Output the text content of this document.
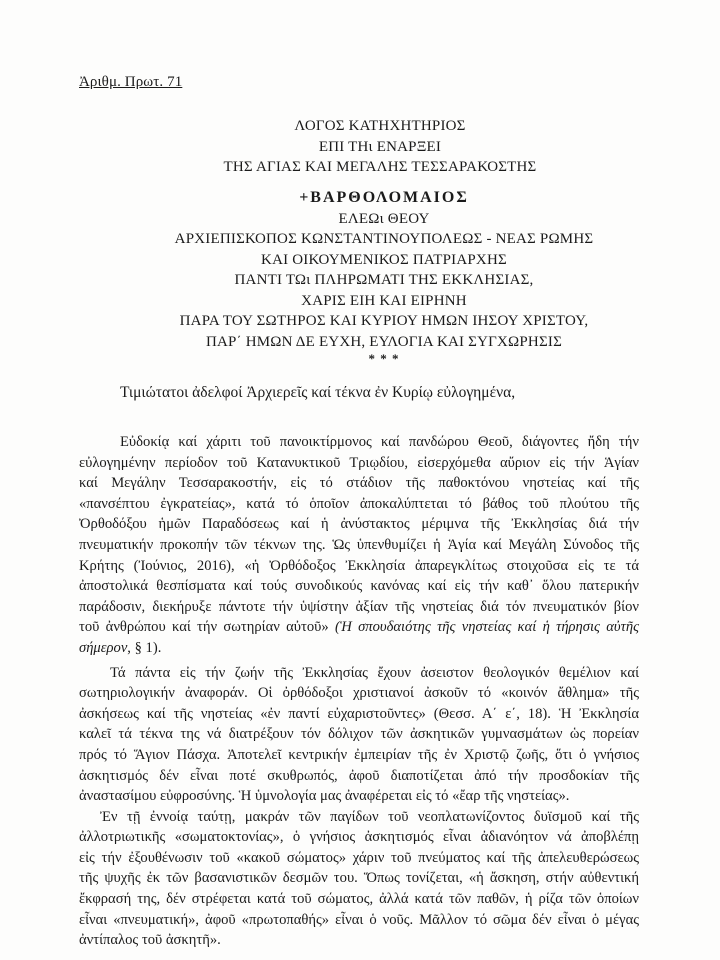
Ἀριθμ. Πρωτ. 71
ΛΟΓΟΣ ΚΑΤΗΧΗΤΗΡΙΟΣ
ΕΠΙ ΤΗι ΕΝΑΡΞΕΙ
ΤΗΣ ΑΓΙΑΣ ΚΑΙ ΜΕΓΑΛΗΣ ΤΕΣΣΑΡΑΚΟΣΤΗΣ
+ΒΑΡΘΟΛΟΜΑΙΟΣ
ΕΛΕΩι ΘΕΟΥ
ΑΡΧΙΕΠΙΣΚΟΠΟΣ ΚΩΝΣΤΑΝΤΙΝΟΥΠΟΛΕΩΣ - ΝΕΑΣ ΡΩΜΗΣ
ΚΑΙ ΟΙΚΟΥΜΕΝΙΚΟΣ ΠΑΤΡΙΑΡΧΗΣ
ΠΑΝΤΙ ΤΩι ΠΛΗΡΩΜΑΤΙ ΤΗΣ ΕΚΚΛΗΣΙΑΣ,
ΧΑΡΙΣ ΕΙΗ ΚΑΙ ΕΙΡΗΝΗ
ΠΑΡΑ ΤΟΥ ΣΩΤΗΡΟΣ ΚΑΙ ΚΥΡΙΟΥ ΗΜΩΝ ΙΗΣΟΥ ΧΡΙΣΤΟΥ,
ΠΑΡ΄ ΗΜΩΝ ΔΕ ΕΥΧΗ, ΕΥΛΟΓΙΑ ΚΑΙ ΣΥΓΧΩΡΗΣΙΣ
* * *
Τιμιώτατοι ἀδελφοί Ἀρχιερεῖς καί τέκνα ἐν Κυρίῳ εὐλογημένα,
Εὐδοκίᾳ καί χάριτι τοῦ πανοικτίρμονος καί πανδώρου Θεοῦ, διάγοντες ἤδη τήν
εὐλογημένην περίοδον τοῦ Κατανυκτικοῦ Τριῳδίου, εἰσερχόμεθα αὔριον εἰς τήν Ἁγίαν
καί Μεγάλην Τεσσαρακοστήν, εἰς τό στάδιον τῆς παθοκτόνου νηστείας καί τῆς
«πανσέπτου ἐγκρατείας», κατά τό ὁποῖον ἀποκαλύπτεται τό βάθος τοῦ πλούτου τῆς
Ὀρθοδόξου ἡμῶν Παραδόσεως καί ἡ ἀνύστακτος μέριμνα τῆς Ἐκκλησίας διά τήν
πνευματικήν προκοπήν τῶν τέκνων της. Ὡς ὑπενθυμίζει ἡ Ἁγία καί Μεγάλη Σύνοδος τῆς
Κρήτης (Ἰούνιος, 2016), «ἡ Ὀρθόδοξος Ἐκκλησία ἀπαρεγκλίτως στοιχοῦσα εἰς τε τά
ἀποστολικά θεσπίσματα καί τούς συνοδικούς κανόνας καί εἰς τήν καθ᾽ ὅλου πατερικήν
παράδοσιν, διεκήρυξε πάντοτε τήν ὑψίστην ἀξίαν τῆς νηστείας διά τόν πνευματικόν βίον
τοῦ ἀνθρώπου καί τήν σωτηρίαν αὐτοῦ» (Ἡ σπουδαιότης τῆς νηστείας καί ἡ τήρησις αὐτῆς
σήμερον, § 1).
Τά πάντα εἰς τήν ζωήν τῆς Ἐκκλησίας ἔχουν ἀσειστον θεολογικόν θεμέλιον καί
σωτηριολογικήν ἀναφοράν. Οἱ ὀρθόδοξοι χριστιανοί ἀσκοῦν τό «κοινόν ἄθλημα» τῆς
ἀσκήσεως καί τῆς νηστείας «ἐν παντί εὐχαριστοῦντες» (Θεσσ. Α΄ ε΄, 18). Ἡ Ἐκκλησία
καλεῖ τά τέκνα της νά διατρέξουν τόν δόλιχον τῶν ἀσκητικῶν γυμνασμάτων ὡς πορείαν
πρός τό Ἅγιον Πάσχα. Ἀποτελεῖ κεντρικήν ἐμπειρίαν τῆς ἐν Χριστῷ ζωῆς, ὅτι ὁ γνήσιος
ἀσκητισμός δέν εἶναι ποτέ σκυθρωπός, ἀφοῦ διαποτίζεται ἀπό τήν προσδοκίαν τῆς
ἀναστασίμου εὐφροσύνης. Ἡ ὑμνολογία μας ἀναφέρεται εἰς τό «ἔαρ τῆς νηστείας».
Ἐν τῇ ἐννοίᾳ ταύτῃ, μακράν τῶν παγίδων τοῦ νεοπλατωνίζοντος δυϊσμοῦ καί τῆς
ἀλλοτριωτικῆς «σωματοκτονίας», ὁ γνήσιος ἀσκητισμός εἶναι ἀδιανόητον νά ἀποβλέπῃ
εἰς τήν ἐξουθένωσιν τοῦ «κακοῦ σώματος» χάριν τοῦ πνεύματος καί τῆς ἀπελευθερώσεως
τῆς ψυχῆς ἐκ τῶν βασανιστικῶν δεσμῶν του. Ὅπως τονίζεται, «ἡ ἄσκηση, στήν αὐθεντική
ἔκφρασή της, δέν στρέφεται κατά τοῦ σώματος, ἀλλά κατά τῶν παθῶν, ἡ ρίζα τῶν ὁποίων
εἶναι «πνευματική», ἀφοῦ «πρωτοπαθής» εἶναι ὁ νοῦς. Μᾶλλον τό σῶμα δέν εἶναι ὁ μέγας
ἀντίπαλος τοῦ ἀσκητῆ».
